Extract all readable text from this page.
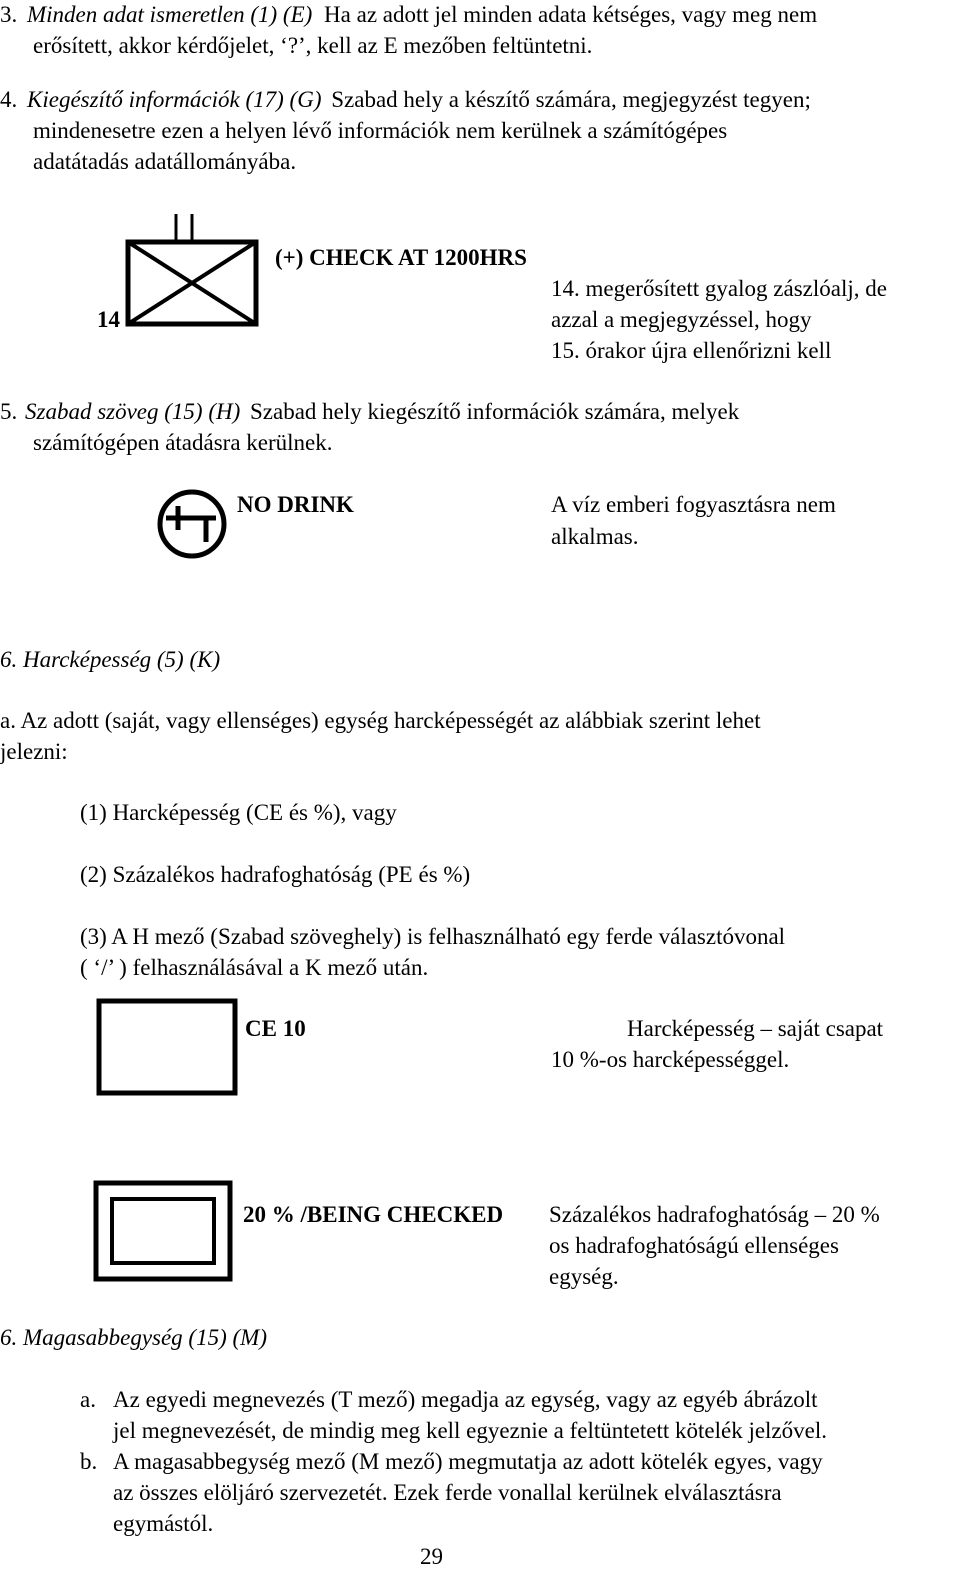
3. Minden adat ismeretlen (1) (E) Ha az adott jel minden adata kétséges, vagy meg nem
erősített, akkor kérdőjelet, ‘?’, kell az E mezőben feltüntetni.
4. Kiegészítő információk (17) (G) Szabad hely a készítő számára, megjegyzést tegyen;
mindenesetre ezen a helyen lévő információk nem kerülnek a számítógépes
adatátadás adatállományába.
14
(+) CHECK AT 1200HRS
14. megerősített gyalog zászlóalj, de
azzal a megjegyzéssel, hogy
15. órakor újra ellenőrizni kell
5. Szabad szöveg (15) (H) Szabad hely kiegészítő információk számára, melyek
számítógépen átadásra kerülnek.
NO DRINK	A víz emberi fogyasztásra nem
alkalmas.
6. Harcképesség (5) (K)
a. Az adott (saját, vagy ellenséges) egység harcképességét az alábbiak szerint lehet
jelezni:
(1) Harcképesség (CE és %), vagy
(2) Százalékos hadrafoghatóság (PE és %)
(3) A H mező (Szabad szöveghely) is felhasználható egy ferde választóvonal
( ‘/’ ) felhasználásával a K mező után.
CE 10	Harcképesség – saját csapat
10 %-os harcképességgel.
20 % /BEING CHECKED Százalékos hadrafoghatóság – 20 %
os hadrafoghatóságú ellenséges
egység.
6. Magasabbegység (15) (M)
a. Az egyedi megnevezés (T mező) megadja az egység, vagy az egyéb ábrázolt
jel megnevezését, de mindig meg kell egyeznie a feltüntetett kötelék jelzővel.
b. A magasabbegység mező (M mező) megmutatja az adott kötelék egyes, vagy
az összes elöljáró szervezetét. Ezek ferde vonallal kerülnek elválasztásra
egymástól.
29
